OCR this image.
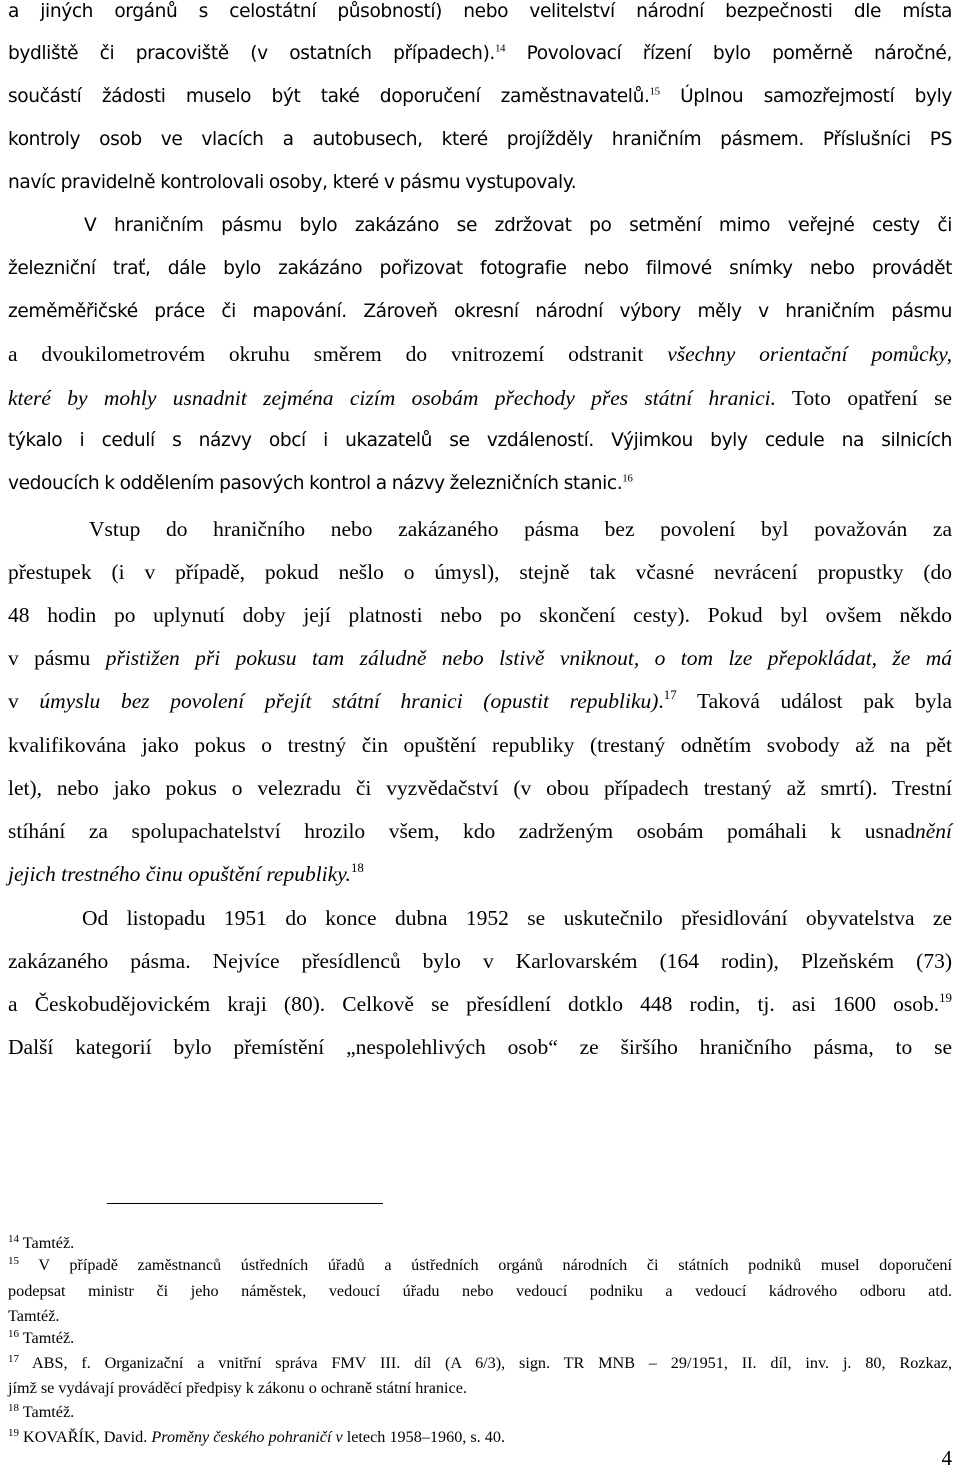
a jiných orgánů s celostátní působností) nebo velitelství národní bezpečnosti dle místa
bydliště či pracoviště (v ostatních případech).$^{14}$ Povolovací řízení bylo poměrně náročné,
součástí žádosti muselo být také doporučení zaměstnavatelů.$^{15}$ Úplnou samozřejmostí byly
kontroly osob ve vlacích a autobusech, které projížděly hraničním pásmem. Příslušníci PS
navíc pravidelně kontrolovali osoby, které v pásmu vystupovaly.
V hraničním pásmu bylo zakázáno se zdržovat po setmění mimo veřejné cesty či
železniční trať, dále bylo zakázáno pořizovat fotografie nebo filmové snímky nebo provádět
zeměměřičské práce či mapování. Zároveň okresní národní výbory měly v hraničním pásmu
a dvoukilometrovém okruhu směrem do vnitrozemí odstranit všechny orientační pomůcky,
které by mohly usnadnit zejména cizím osobám přechody přes státní hranici. Toto opatření se
týkalo i cedulí s názvy obcí i ukazatelů se vzdáleností. Výjimkou byly cedule na silnicích
vedoucích k oddělením pasových kontrol a názvy železničních stanic.$^{16}$
Vstup do hraničního nebo zakázaného pásma bez povolení byl považován za
přestupek (i v případě, pokud nešlo o úmysl), stejně tak včasné nevrácení propustky (do
48 hodin po uplynutí doby její platnosti nebo po skončení cesty). Pokud byl ovšem někdo
v pásmu přistižen při pokusu tam záludně nebo lstivě vniknout, o tom lze přepokládat, že má
v úmyslu bez povolení přejít státní hranici (opustit republiku).$^{17}$ Taková událost pak byla
kvalifikována jako pokus o trestný čin opuštění republiky (trestaný odnětím svobody až na pět
let), nebo jako pokus o velezradu či vyzvědačství (v obou případech trestaný až smrtí). Trestní
stíhání za spolupachatelství hrozilo všem, kdo zadrženým osobám pomáhali k usnadnění
jejich trestného činu opuštění republiky.$^{18}$
Od listopadu 1951 do konce dubna 1952 se uskutečnilo přesidlování obyvatelstva ze
zakázaného pásma. Nejvíce přesídlenců bylo v Karlovarském (164 rodin), Plzeňském (73)
a Českobudějovickém kraji (80). Celkově se přesídlení dotklo 448 rodin, tj. asi 1600 osob.$^{19}$
Další kategorií bylo přemístění „nespolehlivých osob“ ze širšího hraničního pásma, to se
$^{14}$ Tamtéž.
$^{15}$ V případě zaměstnanců ústředních úřadů a ústředních orgánů národních či státních podniků musel doporučení
podepsat ministr či jeho náměstek, vedoucí úřadu nebo vedoucí podniku a vedoucí kádrového odboru atd.
Tamtéž.
$^{16}$ Tamtéž.
$^{17}$ ABS, f. Organizační a vnitřní správa FMV III. díl (A 6/3), sign. TR MNB – 29/1951, II. díl, inv. j. 80, Rozkaz,
jímž se vydávají prováděcí předpisy k zákonu o ochraně státní hranice.
$^{18}$ Tamtéž.
$^{19}$ KOVAŘÍK, David. Proměny českého pohraničí v letech 1958–1960, s. 40.
4
